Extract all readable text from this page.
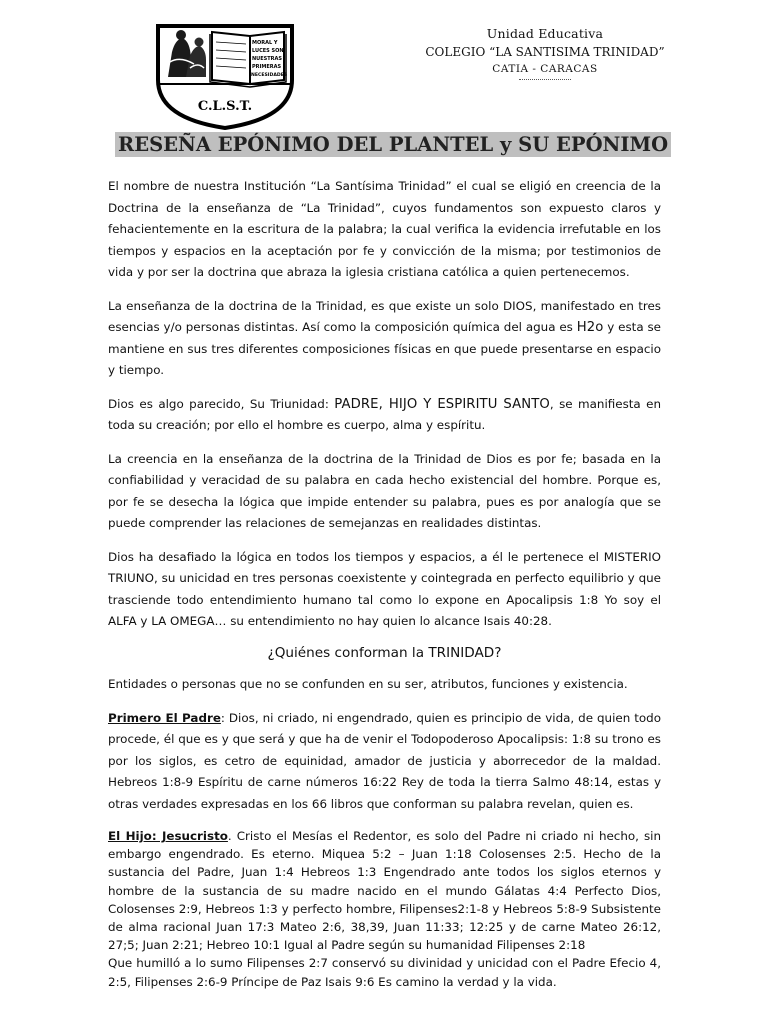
MORAL Y
LUCES SON
NUESTRAS
PRIMERAS
NECESIDADES
C.L.S.T.
Unidad Educativa
COLEGIO “LA SANTISIMA TRINIDAD”
CATIA - CARACAS
RESEÑA EPÓNIMO DEL PLANTEL y SU EPÓNIMO

El nombre de nuestra Institución “La Santísima Trinidad” el cual se eligió en creencia de la Doctrina de la enseñanza de “La Trinidad”, cuyos fundamentos son expuesto claros y fehacientemente en la escritura de la palabra; la cual verifica la evidencia irrefutable en los tiempos y espacios en la aceptación por fe y convicción de la misma; por testimonios de vida y por ser la doctrina que abraza la iglesia cristiana católica a quien pertenecemos.

La enseñanza de la doctrina de la Trinidad, es que existe un solo DIOS, manifestado en tres esencias y/o personas distintas. Así como la composición química del agua es H2o y esta se mantiene en sus tres diferentes composiciones físicas en que puede presentarse en espacio y tiempo.

Dios es algo parecido, Su Triunidad: PADRE, HIJO Y ESPIRITU SANTO, se manifiesta en toda su creación; por ello el hombre es cuerpo, alma y espíritu.

La creencia en la enseñanza de la doctrina de la Trinidad de Dios es por fe; basada en la confiabilidad y veracidad de su palabra en cada hecho existencial del hombre. Porque es, por fe se desecha la lógica que impide entender su palabra, pues es por analogía que se puede comprender las relaciones de semejanzas en realidades distintas.

Dios ha desafiado la lógica en todos los tiempos y espacios, a él le pertenece el MISTERIO TRIUNO, su unicidad en tres personas coexistente y cointegrada en perfecto equilibrio y que trasciende todo entendimiento humano tal como lo expone en Apocalipsis 1:8 Yo soy el ALFA y LA OMEGA… su entendimiento no hay quien lo alcance Isais 40:28.

¿Quiénes conforman la TRINIDAD?

Entidades o personas que no se confunden en su ser, atributos, funciones y existencia.

Primero El Padre: Dios, ni criado, ni engendrado, quien es principio de vida, de quien todo procede, él que es y que será y que ha de venir el Todopoderoso Apocalipsis: 1:8 su trono es por los siglos, es cetro de equinidad, amador de justicia y aborrecedor de la maldad. Hebreos 1:8-9 Espíritu de carne números 16:22 Rey de toda la tierra Salmo 48:14, estas y otras verdades expresadas en los 66 libros que conforman su palabra revelan, quien es.

El Hijo: Jesucristo. Cristo el Mesías el Redentor, es solo del Padre ni criado ni hecho, sin embargo engendrado. Es eterno. Miquea 5:2 – Juan 1:18 Colosenses 2:5. Hecho de la sustancia del Padre, Juan 1:4 Hebreos 1:3 Engendrado ante todos los siglos eternos y hombre de la sustancia de su madre nacido en el mundo Gálatas 4:4 Perfecto Dios, Colosenses 2:9, Hebreos 1:3 y perfecto hombre, Filipenses2:1-8 y Hebreos 5:8-9 Subsistente de alma racional Juan 17:3 Mateo 2:6, 38,39, Juan 11:33; 12:25 y de carne Mateo 26:12, 27;5; Juan 2:21; Hebreo 10:1 Igual al Padre según su humanidad Filipenses 2:18
Que humilló a lo sumo Filipenses 2:7 conservó su divinidad y unicidad con el Padre Efecio 4, 2:5, Filipenses 2:6-9 Príncipe de Paz Isais 9:6 Es camino la verdad y la vida.
